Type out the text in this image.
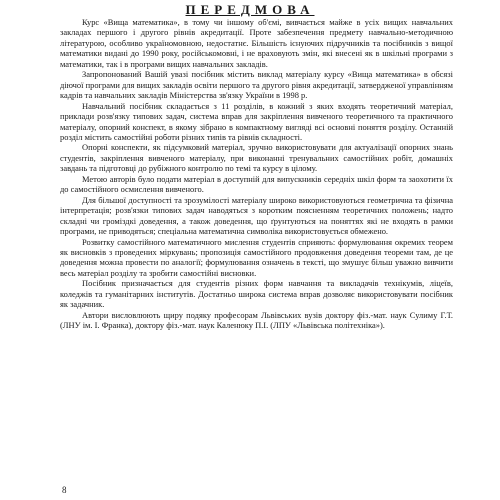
ПЕРЕДМОВА

Курс «Вища математика», в тому чи іншому об'ємі, вивчається майже в усіх вищих навчальних закладах першого і другого рівнів акредитації. Проте забезпечення предмету навчально-методичною літературою, особливо україномовною, недостатнє. Більшість існуючих підручників та посібників з вищої математики видані до 1990 року, російськомовні, і не враховують змін, які внесені як в шкільні програми з математики, так і в програми вищих навчальних закладів.

Запропонований Вашій увазі посібник містить виклад матеріалу курсу «Вища математика» в обсязі діючої програми для вищих закладів освіти першого та другого рівня акредитації, затвердженої управлінням кадрів та навчальних закладів Міністерства зв'язку України в 1998 р.

Навчальний посібник складається з 11 розділів, в кожний з яких входять теоретичний матеріал, приклади розв'язку типових задач, система вправ для закріплення вивченого теоретичного та практичного матеріалу, опорний конспект, в якому зібрано в компактному вигляді всі основні поняття розділу. Останній розділ містить самостійні роботи різних типів та рівнів складності.

Опорні конспекти, як підсумковий матеріал, зручно використовувати для актуалізації опорних знань студентів, закріплення вивченого матеріалу, при виконанні тренувальних самостійних робіт, домашніх завдань та підготовці до рубіжного контролю по темі та курсу в цілому.

Метою авторів було подати матеріал в доступній для випускників середніх шкіл форм та заохотити їх до самостійного осмислення вивченого.

Для більшої доступності та зрозумілості матеріалу широко використовуються геометрична та фізична інтерпретація; розв'язки типових задач наводяться з коротким поясненням теоретичних положень; надто складні чи громіздкі доведення, а також доведення, що ґрунтуються на поняттях які не входять в рамки програми, не приводяться; спеціальна математична символіка використовується обмежено.

Розвитку самостійного математичного мислення студентів сприяють: формулювання окремих теорем як висновків з проведених міркувань; пропозиція самостійного продовження доведення теореми там, де це доведення можна провести по аналогії; формулювання означень в тексті, що змушує більш уважно вивчити весь матеріал розділу та зробити самостійні висновки.

Посібник призначається для студентів різних форм навчання та викладачів технікумів, ліцеїв, коледжів та гуманітарних інститутів. Достатньо широка система вправ дозволяє використовувати посібник як задачник.

Автори висловлюють щиру подяку професорам Львівських вузів доктору фіз.-мат. наук Сулиму Г.Т. (ЛНУ ім. І. Франка), доктору фіз.-мат. наук Каленюку П.І. (ЛПУ «Львівська політехніка»).

8
